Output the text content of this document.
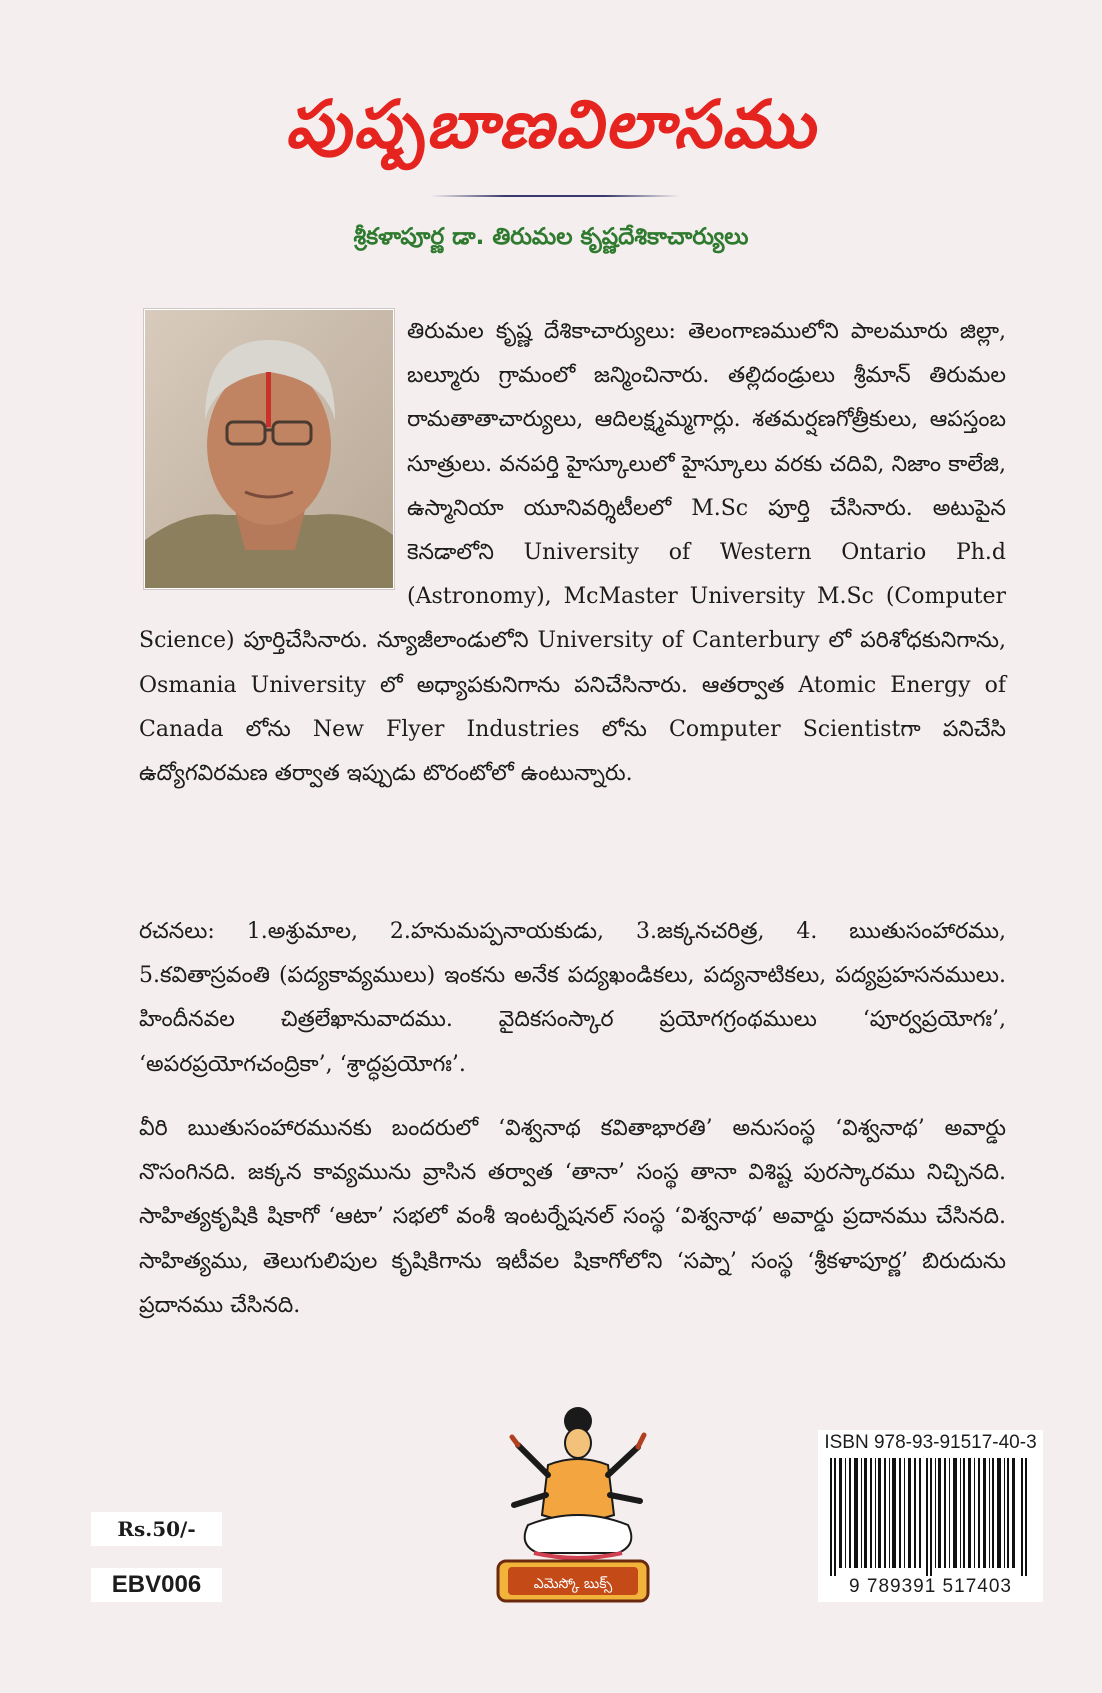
పుష్పబాణవిలాసము
శ్రీకళాపూర్ణ డా. తిరుమల కృష్ణదేశికాచార్యులు
తిరుమల కృష్ణ దేశికాచార్యులు: తెలంగాణములోని పాలమూరు జిల్లా, బల్మూరు గ్రామంలో జన్మించినారు. తల్లిదండ్రులు శ్రీమాన్ తిరుమల రామతాతాచార్యులు, ఆదిలక్ష్మమ్మగార్లు. శతమర్షణగోత్రీకులు, ఆపస్తంబ సూత్రులు. వనపర్తి హైస్కూలులో హైస్కూలు వరకు చదివి, నిజాం కాలేజి, ఉస్మానియా యూనివర్శిటీలలో M.Sc పూర్తి చేసినారు. అటుపైన కెనడాలోని University of Western Ontario Ph.d (Astronomy), McMaster University M.Sc (Computer Science) పూర్తిచేసినారు. న్యూజీలాండులోని University of Canterbury లో పరిశోధకునిగాను, Osmania University లో అధ్యాపకునిగాను పనిచేసినారు. ఆతర్వాత Atomic Energy of Canada లోను New Flyer Industries లోను Computer Scientistగా పనిచేసి ఉద్యోగవిరమణ తర్వాత ఇప్పుడు టొరంటోలో ఉంటున్నారు.
రచనలు: 1.అశ్రుమాల, 2.హనుమప్పనాయకుడు, 3.జక్కనచరిత్ర, 4. ఋతుసంహారము, 5.కవితాస్రవంతి (పద్యకావ్యములు) ఇంకను అనేక పద్యఖండికలు, పద్యనాటికలు, పద్యప్రహసనములు. హిందీనవల చిత్రలేఖానువాదము. వైదికసంస్కార ప్రయోగగ్రంథములు ‘పూర్వప్రయోగః’, ‘అపరప్రయోగచంద్రికా’, ‘శ్రాద్ధప్రయోగః’.
వీరి ఋతుసంహారమునకు బందరులో ‘విశ్వనాథ కవితాభారతి’ అనుసంస్థ ‘విశ్వనాథ’ అవార్డు నొసంగినది. జక్కన కావ్యమును వ్రాసిన తర్వాత ‘తానా’ సంస్థ తానా విశిష్ట పురస్కారము నిచ్చినది. సాహిత్యకృషికి షికాగో ‘ఆటా’ సభలో వంశీ ఇంటర్నేషనల్ సంస్థ ‘విశ్వనాథ’ అవార్డు ప్రదానము చేసినది. సాహిత్యము, తెలుగులిపుల కృషికిగాను ఇటీవల షికాగోలోని ‘సప్నా’ సంస్థ ‘శ్రీకళాపూర్ణ’ బిరుదును ప్రదానము చేసినది.
Rs.50/-
EBV006	ఎమెస్కో బుక్స్
ISBN 978-93-91517-40-3
9 789391 517403
